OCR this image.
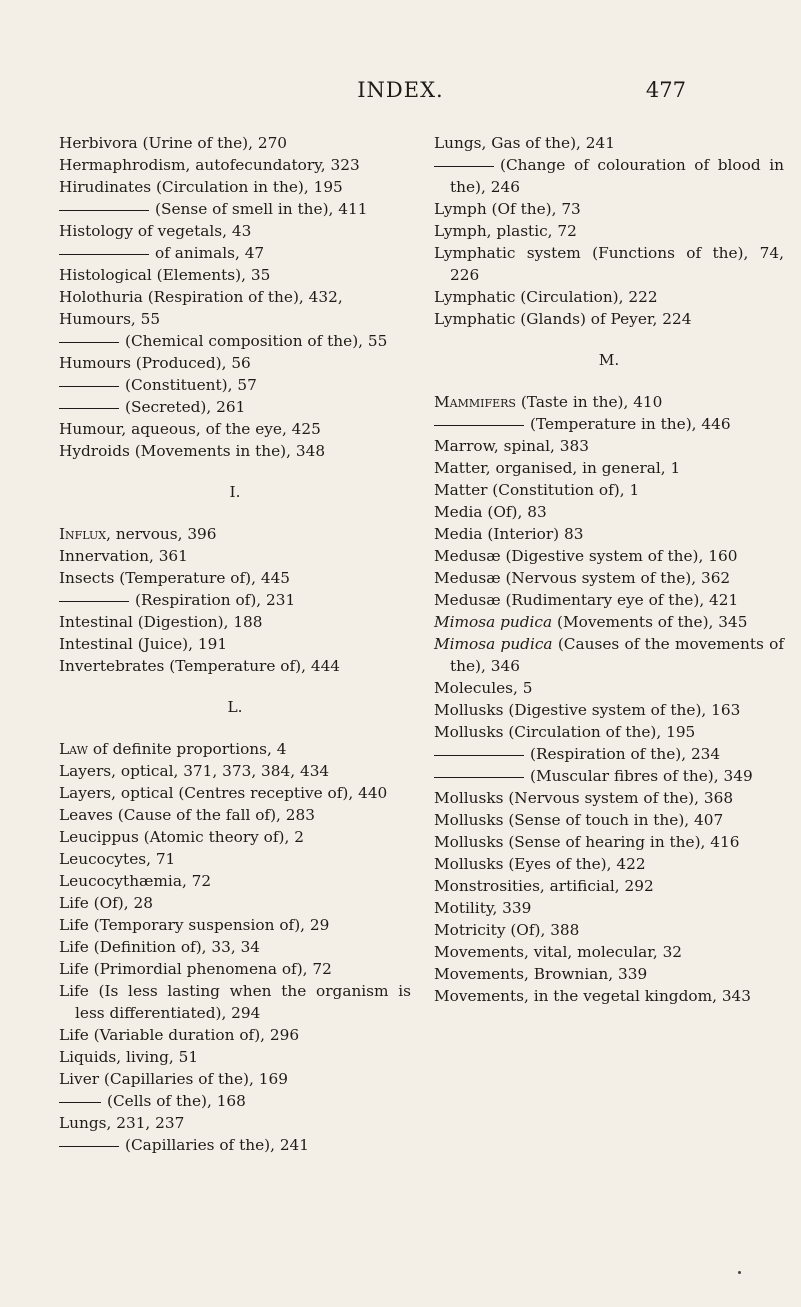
INDEX.	477
Herbivora (Urine of the), 270
Hermaphrodism, autofecundatory, 323
Hirudinates (Circulation in the), 195
(Sense of smell in the), 411
Histology of vegetals, 43
of animals, 47
Histological (Elements), 35
Holothuria (Respiration of the), 432,
Humours, 55
(Chemical composition of the), 55
Humours (Produced), 56
(Constituent), 57
(Secreted), 261
Humour, aqueous, of the eye, 425
Hydroids (Movements in the), 348
I.
Influx, nervous, 396
Innervation, 361
Insects (Temperature of), 445
(Respiration of), 231
Intestinal (Digestion), 188
Intestinal (Juice), 191
Invertebrates (Temperature of), 444
L.
Law of definite proportions, 4
Layers, optical, 371, 373, 384, 434
Layers, optical (Centres receptive of), 440
Leaves (Cause of the fall of), 283
Leucippus (Atomic theory of), 2
Leucocytes, 71
Leucocythæmia, 72
Life (Of), 28
Life (Temporary suspension of), 29
Life (Definition of), 33, 34
Life (Primordial phenomena of), 72
Life (Is less lasting when the organism is less differentiated), 294
Life (Variable duration of), 296
Liquids, living, 51
Liver (Capillaries of the), 169
(Cells of the), 168
Lungs, 231, 237
(Capillaries of the), 241
Lungs, Gas of the), 241
(Change of colouration of blood in the), 246
Lymph (Of the), 73
Lymph, plastic, 72
Lymphatic system (Functions of the), 74, 226
Lymphatic (Circulation), 222
Lymphatic (Glands) of Peyer, 224
M.
Mammifers (Taste in the), 410
(Temperature in the), 446
Marrow, spinal, 383
Matter, organised, in general, 1
Matter (Constitution of), 1
Media (Of), 83
Media (Interior) 83
Medusæ (Digestive system of the), 160
Medusæ (Nervous system of the), 362
Medusæ (Rudimentary eye of the), 421
Mimosa pudica (Movements of the), 345
Mimosa pudica (Causes of the movements of the), 346
Molecules, 5
Mollusks (Digestive system of the), 163
Mollusks (Circulation of the), 195
(Respiration of the), 234
(Muscular fibres of the), 349
Mollusks (Nervous system of the), 368
Mollusks (Sense of touch in the), 407
Mollusks (Sense of hearing in the), 416
Mollusks (Eyes of the), 422
Monstrosities, artificial, 292
Motility, 339
Motricity (Of), 388
Movements, vital, molecular, 32
Movements, Brownian, 339
Movements, in the vegetal kingdom, 343
